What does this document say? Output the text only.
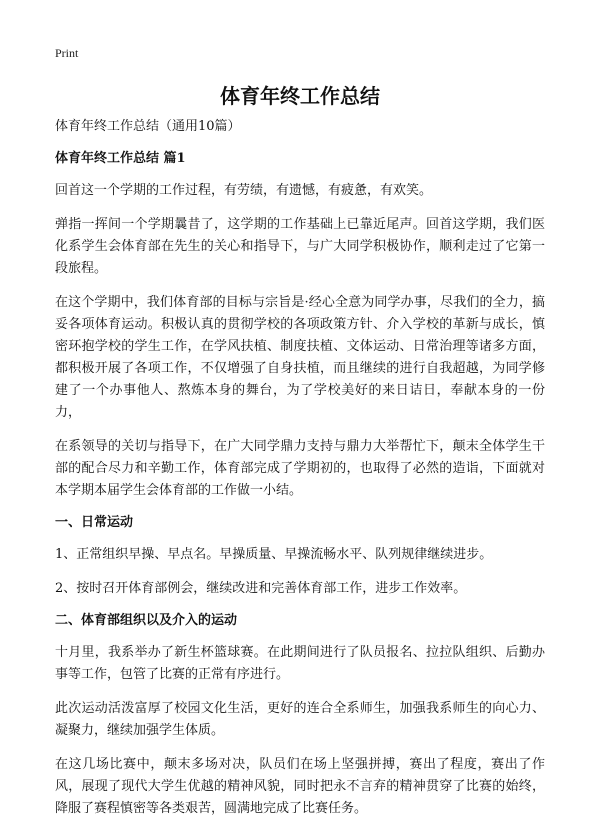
Print
体育年终工作总结
体育年终工作总结（通用10篇）
体育年终工作总结 篇1

回首这一个学期的工作过程，有劳绩，有遗憾，有疲惫，有欢笑。

弹指一挥间一个学期曩昔了，这学期的工作基础上已靠近尾声。回首这学期，我们医化系学生会体育部在先生的关心和指导下，与广大同学积极协作，顺利走过了它第一段旅程。

在这个学期中，我们体育部的目标与宗旨是·经心全意为同学办事，尽我们的全力，搞妥各项体育运动。积极认真的贯彻学校的各项政策方针、介入学校的革新与成长，慎密环抱学校的学生工作，在学风扶植、制度扶植、文体运动、日常治理等诸多方面，都积极开展了各项工作，不仅增强了自身扶植，而且继续的进行自我超越，为同学修建了一个办事他人、熬炼本身的舞台，为了学校美好的来日诘日，奉献本身的一份力，

在系领导的关切与指导下，在广大同学鼎力支持与鼎力大举帮忙下，颠末全体学生干部的配合尽力和辛勤工作，体育部完成了学期初的，也取得了必然的造诣，下面就对本学期本届学生会体育部的工作做一小结。

一、日常运动

1、正常组织早操、早点名。早操质量、早操流畅水平、队列规律继续进步。

2、按时召开体育部例会，继续改进和完善体育部工作，进步工作效率。

二、体育部组织以及介入的运动

十月里，我系举办了新生杯篮球赛。在此期间进行了队员报名、拉拉队组织、后勤办事等工作，包管了比赛的正常有序进行。

此次运动活泼富厚了校园文化生活，更好的连合全系师生，加强我系师生的向心力、凝聚力，继续加强学生体质。

在这几场比赛中，颠末多场对决，队员们在场上坚强拼搏，赛出了程度，赛出了作风，展现了现代大学生优越的精神风貌，同时把永不言弃的精神贯穿了比赛的始终，降服了赛程慎密等各类艰苦，圆满地完成了比赛任务。
